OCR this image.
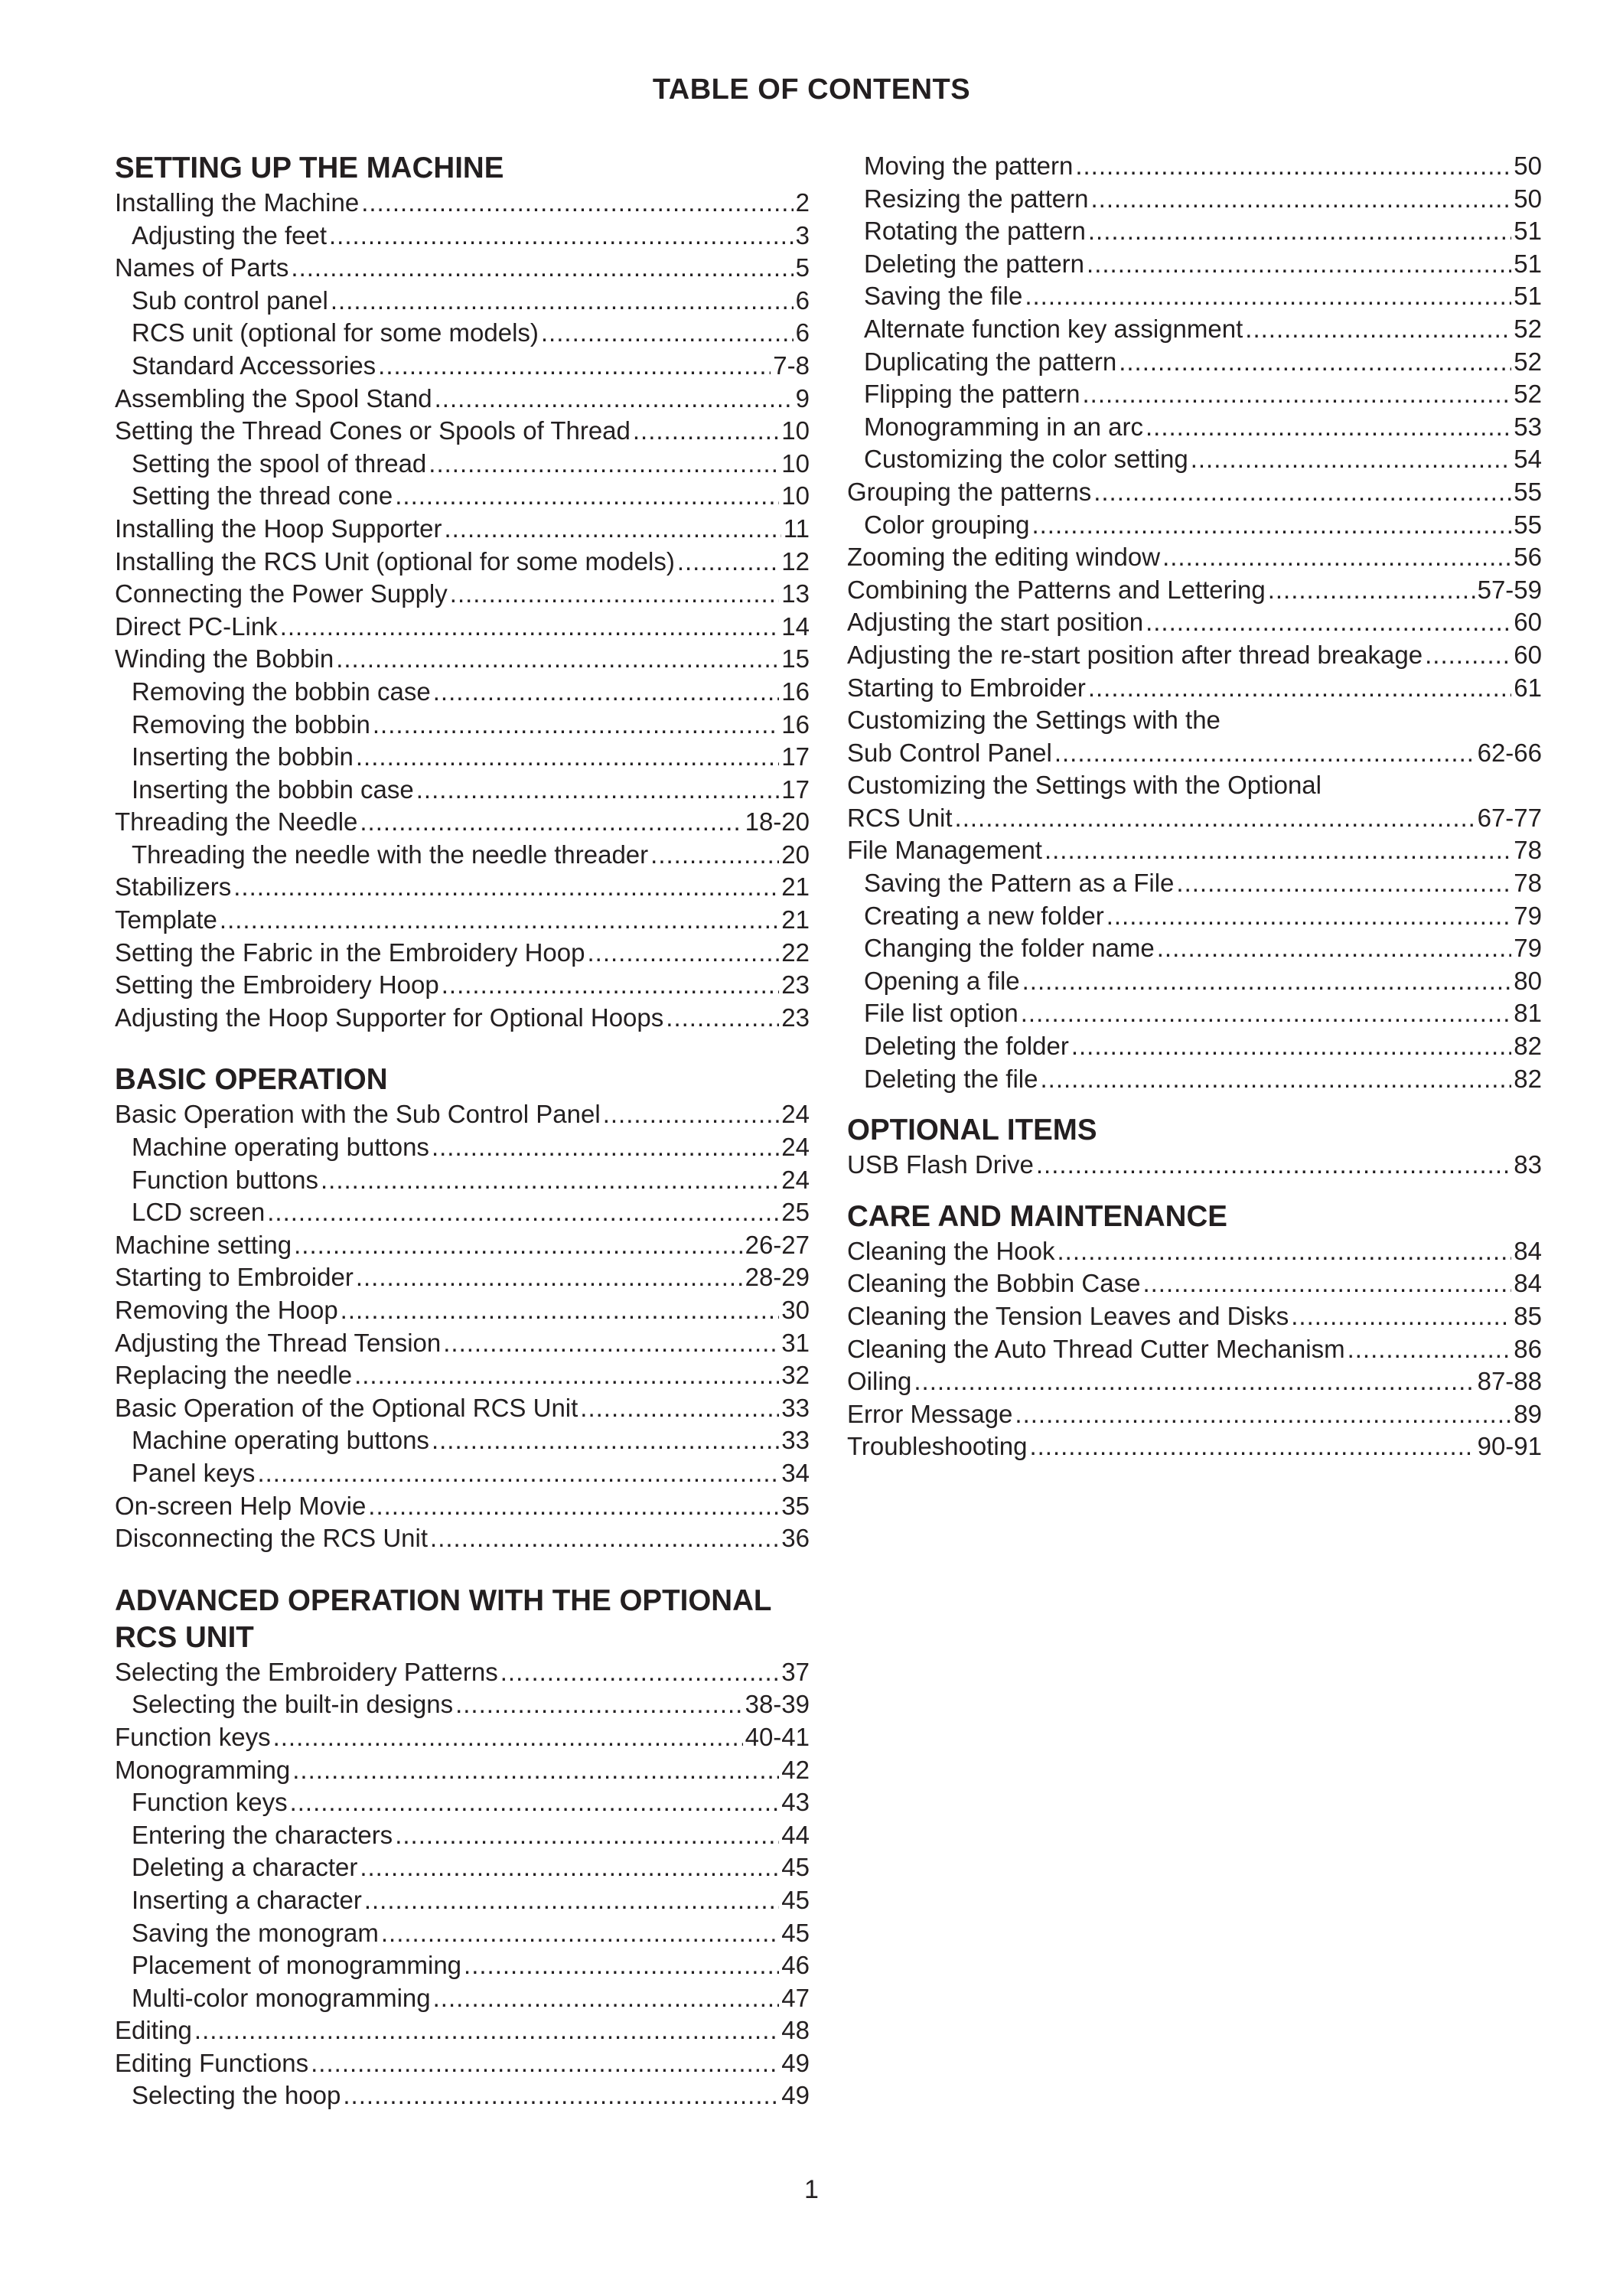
TABLE OF CONTENTS
SETTING UP THE MACHINE
Installing the Machine .....	2
Adjusting the feet .....	3
Names of Parts .....	5
Sub control panel .....	6
RCS unit (optional for some models) .....	6
Standard Accessories .....	7-8
Assembling the Spool Stand .....	9
Setting the Thread Cones or Spools of Thread .....	10
Setting the spool of thread .....	10
Setting the thread cone .....	10
Installing the Hoop Supporter .....	11
Installing the RCS Unit (optional for some models) .....	12
Connecting the Power Supply .....	13
Direct PC-Link .....	14
Winding the Bobbin .....	15
Removing the bobbin case .....	16
Removing the bobbin .....	16
Inserting the bobbin .....	17
Inserting the bobbin case .....	17
Threading the Needle .....	18-20
Threading the needle with the needle threader .....	20
Stabilizers .....	21
Template .....	21
Setting the Fabric in the Embroidery Hoop .....	22
Setting the Embroidery Hoop .....	23
Adjusting the Hoop Supporter for Optional Hoops .....	23
BASIC OPERATION
Basic Operation with the Sub Control Panel .....	24
Machine operating buttons .....	24
Function buttons .....	24
LCD screen .....	25
Machine setting .....	26-27
Starting to Embroider .....	28-29
Removing the Hoop .....	30
Adjusting the Thread Tension .....	31
Replacing the needle .....	32
Basic Operation of the Optional RCS Unit .....	33
Machine operating buttons .....	33
Panel keys .....	34
On-screen Help Movie .....	35
Disconnecting the RCS Unit .....	36
ADVANCED OPERATION WITH THE OPTIONAL
RCS UNIT
Selecting the Embroidery Patterns .....	37
Selecting the built-in designs .....	38-39
Function keys .....	40-41
Monogramming .....	42
Function keys .....	43
Entering the characters .....	44
Deleting a character .....	45
Inserting a character .....	45
Saving the monogram .....	45
Placement of monogramming .....	46
Multi-color monogramming .....	47
Editing .....	48
Editing Functions .....	49
Selecting the hoop .....	49
Moving the pattern .....	50
Resizing the pattern .....	50
Rotating the pattern .....	51
Deleting the pattern .....	51
Saving the file .....	51
Alternate function key assignment .....	52
Duplicating the pattern .....	52
Flipping the pattern .....	52
Monogramming in an arc .....	53
Customizing the color setting .....	54
Grouping the patterns .....	55
Color grouping .....	55
Zooming the editing window .....	56
Combining the Patterns and Lettering .....	57-59
Adjusting the start position .....	60
Adjusting the re-start position after thread breakage .....	60
Starting to Embroider .....	61
Customizing the Settings with the
Sub Control Panel .....	62-66
Customizing the Settings with the Optional
RCS Unit .....	67-77
File Management .....	78
Saving the Pattern as a File .....	78
Creating a new folder .....	79
Changing the folder name .....	79
Opening a file .....	80
File list option .....	81
Deleting the folder .....	82
Deleting the file .....	82
OPTIONAL ITEMS
USB Flash Drive .....	83
CARE AND MAINTENANCE
Cleaning the Hook .....	84
Cleaning the Bobbin Case .....	84
Cleaning the Tension Leaves and Disks .....	85
Cleaning the Auto Thread Cutter Mechanism .....	86
Oiling .....	87-88
Error Message .....	89
Troubleshooting .....	90-91
1
